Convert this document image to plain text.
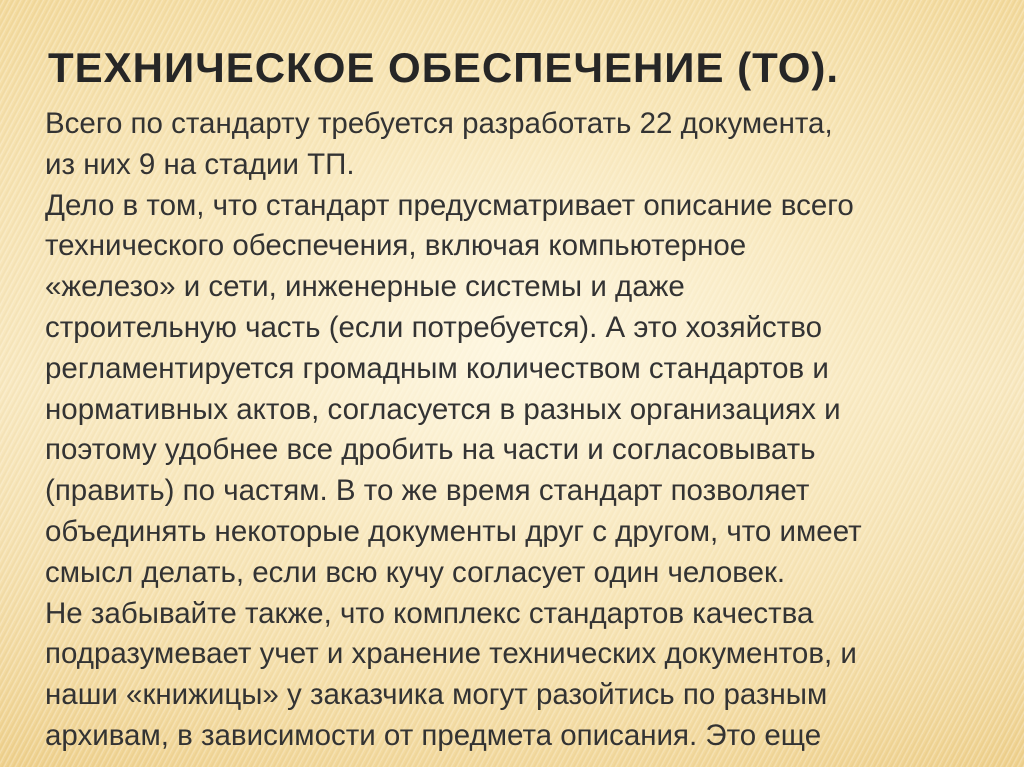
ТЕХНИЧЕСКОЕ ОБЕСПЕЧЕНИЕ (ТО).
Всего по стандарту требуется разработать 22 документа,
из них 9 на стадии ТП.
Дело в том, что стандарт предусматривает описание всего
технического обеспечения, включая компьютерное
«железо» и сети, инженерные системы и даже
строительную часть (если потребуется). А это хозяйство
регламентируется громадным количеством стандартов и
нормативных актов, согласуется в разных организациях и
поэтому удобнее все дробить на части и согласовывать
(править) по частям. В то же время стандарт позволяет
объединять некоторые документы друг с другом, что имеет
смысл делать, если всю кучу согласует один человек.
Не забывайте также, что комплекс стандартов качества
подразумевает учет и хранение технических документов, и
наши «книжицы» у заказчика могут разойтись по разным
архивам, в зависимости от предмета описания. Это еще
